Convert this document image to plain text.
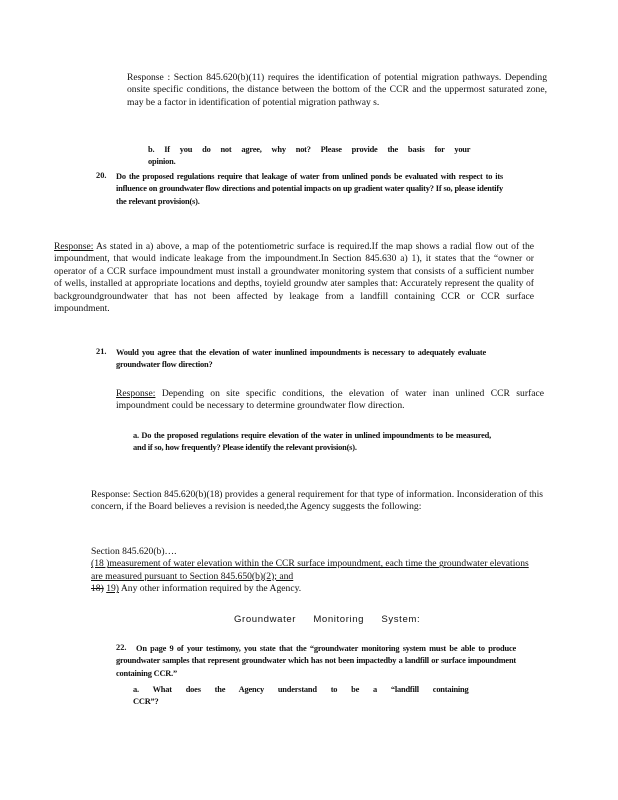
Response : Section 845.620(b)(11) requires the identification of potential migration pathways. Depending onsite specific conditions, the distance between the bottom of the CCR and the uppermost saturated zone, may be a factor in identification of potential migration pathway s.
b. If you do not agree, why not? Please provide the basis for your opinion.
20. Do the proposed regulations require that leakage of water from unlined ponds be evaluated with respect to its influence on groundwater flow directions and potential impacts on up gradient water quality? If so, please identify the relevant provision(s).
Response: As stated in a) above, a map of the potentiometric surface is required.If the map shows a radial flow out of the impoundment, that would indicate leakage from the impoundment.In Section 845.630 a) 1), it states that the “owner or operator of a CCR surface impoundment must install a groundwater monitoring system that consists of a sufficient number of wells, installed at appropriate locations and depths, toyield groundw ater samples that: Accurately represent the quality of backgroundgroundwater that has not been affected by leakage from a landfill containing CCR or CCR surface impoundment.
21. Would you agree that the elevation of water inunlined impoundments is necessary to adequately evaluate groundwater flow direction?
Response: Depending on site specific conditions, the elevation of water inan unlined CCR surface impoundment could be necessary to determine groundwater flow direction.
a. Do the proposed regulations require elevation of the water in unlined impoundments to be measured, and if so, how frequently? Please identify the relevant provision(s).
Response: Section 845.620(b)(18) provides a general requirement for that type of information. Inconsideration of this concern, if the Board believes a revision is needed,the Agency suggests the following:
Section 845.620(b)….
(18 )measurement of water elevation within the CCR surface impoundment, each time the groundwater elevations are measured pursuant to Section 845.650(b)(2); and
18) 19) Any other information required by the Agency.
Groundwater Monitoring System:
22.	On page 9 of your testimony, you state that the “groundwater monitoring system must be able to produce groundwater samples that represent groundwater which has not been impactedby a landfill or surface impoundment containing CCR.”
a. What does the Agency understand to be a “landfill containing CCR”?
